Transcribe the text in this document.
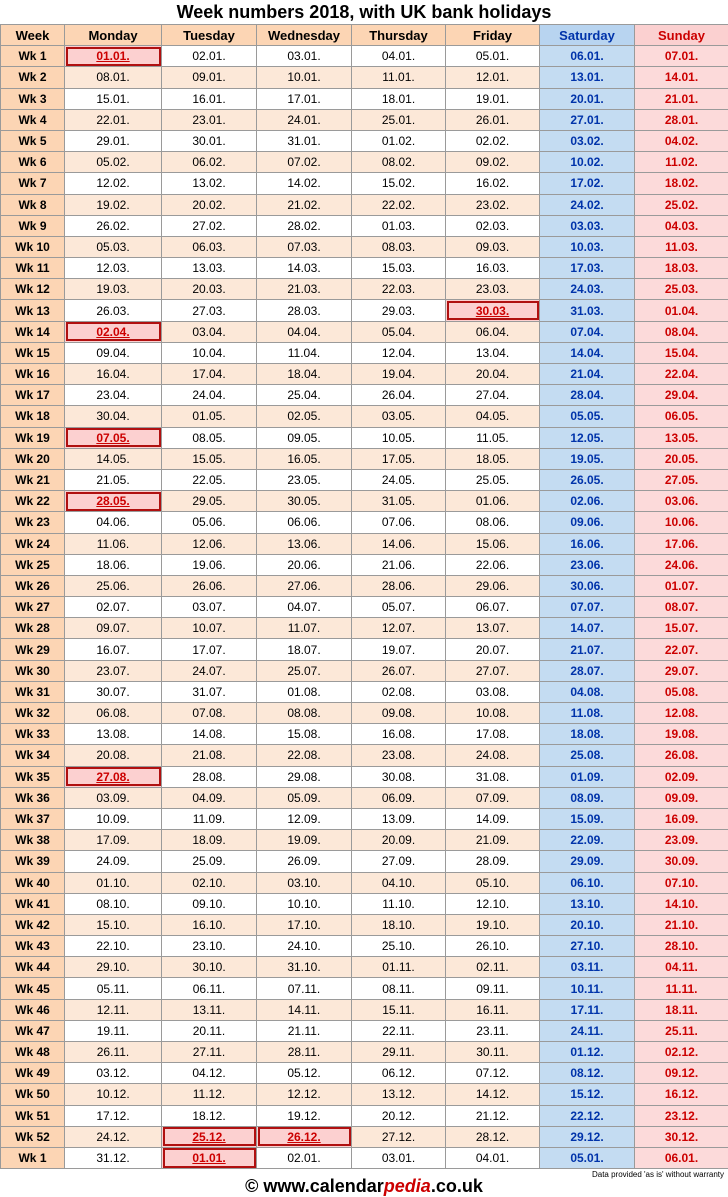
Week numbers 2018, with UK bank holidays
Week	Monday	Tuesday	Wednesday	Thursday	Friday	Saturday	Sunday
Wk 1	01.01.	02.01.	03.01.	04.01.	05.01.	06.01.	07.01.
Wk 2	08.01.	09.01.	10.01.	11.01.	12.01.	13.01.	14.01.
Wk 3	15.01.	16.01.	17.01.	18.01.	19.01.	20.01.	21.01.
Wk 4	22.01.	23.01.	24.01.	25.01.	26.01.	27.01.	28.01.
Wk 5	29.01.	30.01.	31.01.	01.02.	02.02.	03.02.	04.02.
Wk 6	05.02.	06.02.	07.02.	08.02.	09.02.	10.02.	11.02.
Wk 7	12.02.	13.02.	14.02.	15.02.	16.02.	17.02.	18.02.
Wk 8	19.02.	20.02.	21.02.	22.02.	23.02.	24.02.	25.02.
Wk 9	26.02.	27.02.	28.02.	01.03.	02.03.	03.03.	04.03.
Wk 10	05.03.	06.03.	07.03.	08.03.	09.03.	10.03.	11.03.
Wk 11	12.03.	13.03.	14.03.	15.03.	16.03.	17.03.	18.03.
Wk 12	19.03.	20.03.	21.03.	22.03.	23.03.	24.03.	25.03.
Wk 13	26.03.	27.03.	28.03.	29.03.	30.03.	31.03.	01.04.
Wk 14	02.04.	03.04.	04.04.	05.04.	06.04.	07.04.	08.04.
Wk 15	09.04.	10.04.	11.04.	12.04.	13.04.	14.04.	15.04.
Wk 16	16.04.	17.04.	18.04.	19.04.	20.04.	21.04.	22.04.
Wk 17	23.04.	24.04.	25.04.	26.04.	27.04.	28.04.	29.04.
Wk 18	30.04.	01.05.	02.05.	03.05.	04.05.	05.05.	06.05.
Wk 19	07.05.	08.05.	09.05.	10.05.	11.05.	12.05.	13.05.
Wk 20	14.05.	15.05.	16.05.	17.05.	18.05.	19.05.	20.05.
Wk 21	21.05.	22.05.	23.05.	24.05.	25.05.	26.05.	27.05.
Wk 22	28.05.	29.05.	30.05.	31.05.	01.06.	02.06.	03.06.
Wk 23	04.06.	05.06.	06.06.	07.06.	08.06.	09.06.	10.06.
Wk 24	11.06.	12.06.	13.06.	14.06.	15.06.	16.06.	17.06.
Wk 25	18.06.	19.06.	20.06.	21.06.	22.06.	23.06.	24.06.
Wk 26	25.06.	26.06.	27.06.	28.06.	29.06.	30.06.	01.07.
Wk 27	02.07.	03.07.	04.07.	05.07.	06.07.	07.07.	08.07.
Wk 28	09.07.	10.07.	11.07.	12.07.	13.07.	14.07.	15.07.
Wk 29	16.07.	17.07.	18.07.	19.07.	20.07.	21.07.	22.07.
Wk 30	23.07.	24.07.	25.07.	26.07.	27.07.	28.07.	29.07.
Wk 31	30.07.	31.07.	01.08.	02.08.	03.08.	04.08.	05.08.
Wk 32	06.08.	07.08.	08.08.	09.08.	10.08.	11.08.	12.08.
Wk 33	13.08.	14.08.	15.08.	16.08.	17.08.	18.08.	19.08.
Wk 34	20.08.	21.08.	22.08.	23.08.	24.08.	25.08.	26.08.
Wk 35	27.08.	28.08.	29.08.	30.08.	31.08.	01.09.	02.09.
Wk 36	03.09.	04.09.	05.09.	06.09.	07.09.	08.09.	09.09.
Wk 37	10.09.	11.09.	12.09.	13.09.	14.09.	15.09.	16.09.
Wk 38	17.09.	18.09.	19.09.	20.09.	21.09.	22.09.	23.09.
Wk 39	24.09.	25.09.	26.09.	27.09.	28.09.	29.09.	30.09.
Wk 40	01.10.	02.10.	03.10.	04.10.	05.10.	06.10.	07.10.
Wk 41	08.10.	09.10.	10.10.	11.10.	12.10.	13.10.	14.10.
Wk 42	15.10.	16.10.	17.10.	18.10.	19.10.	20.10.	21.10.
Wk 43	22.10.	23.10.	24.10.	25.10.	26.10.	27.10.	28.10.
Wk 44	29.10.	30.10.	31.10.	01.11.	02.11.	03.11.	04.11.
Wk 45	05.11.	06.11.	07.11.	08.11.	09.11.	10.11.	11.11.
Wk 46	12.11.	13.11.	14.11.	15.11.	16.11.	17.11.	18.11.
Wk 47	19.11.	20.11.	21.11.	22.11.	23.11.	24.11.	25.11.
Wk 48	26.11.	27.11.	28.11.	29.11.	30.11.	01.12.	02.12.
Wk 49	03.12.	04.12.	05.12.	06.12.	07.12.	08.12.	09.12.
Wk 50	10.12.	11.12.	12.12.	13.12.	14.12.	15.12.	16.12.
Wk 51	17.12.	18.12.	19.12.	20.12.	21.12.	22.12.	23.12.
Wk 52	24.12.	25.12.	26.12.	27.12.	28.12.	29.12.	30.12.
Wk 1	31.12.	01.01.	02.01.	03.01.	04.01.	05.01.	06.01.
Data provided 'as is' without warranty
© www.calendarpedia.co.uk
